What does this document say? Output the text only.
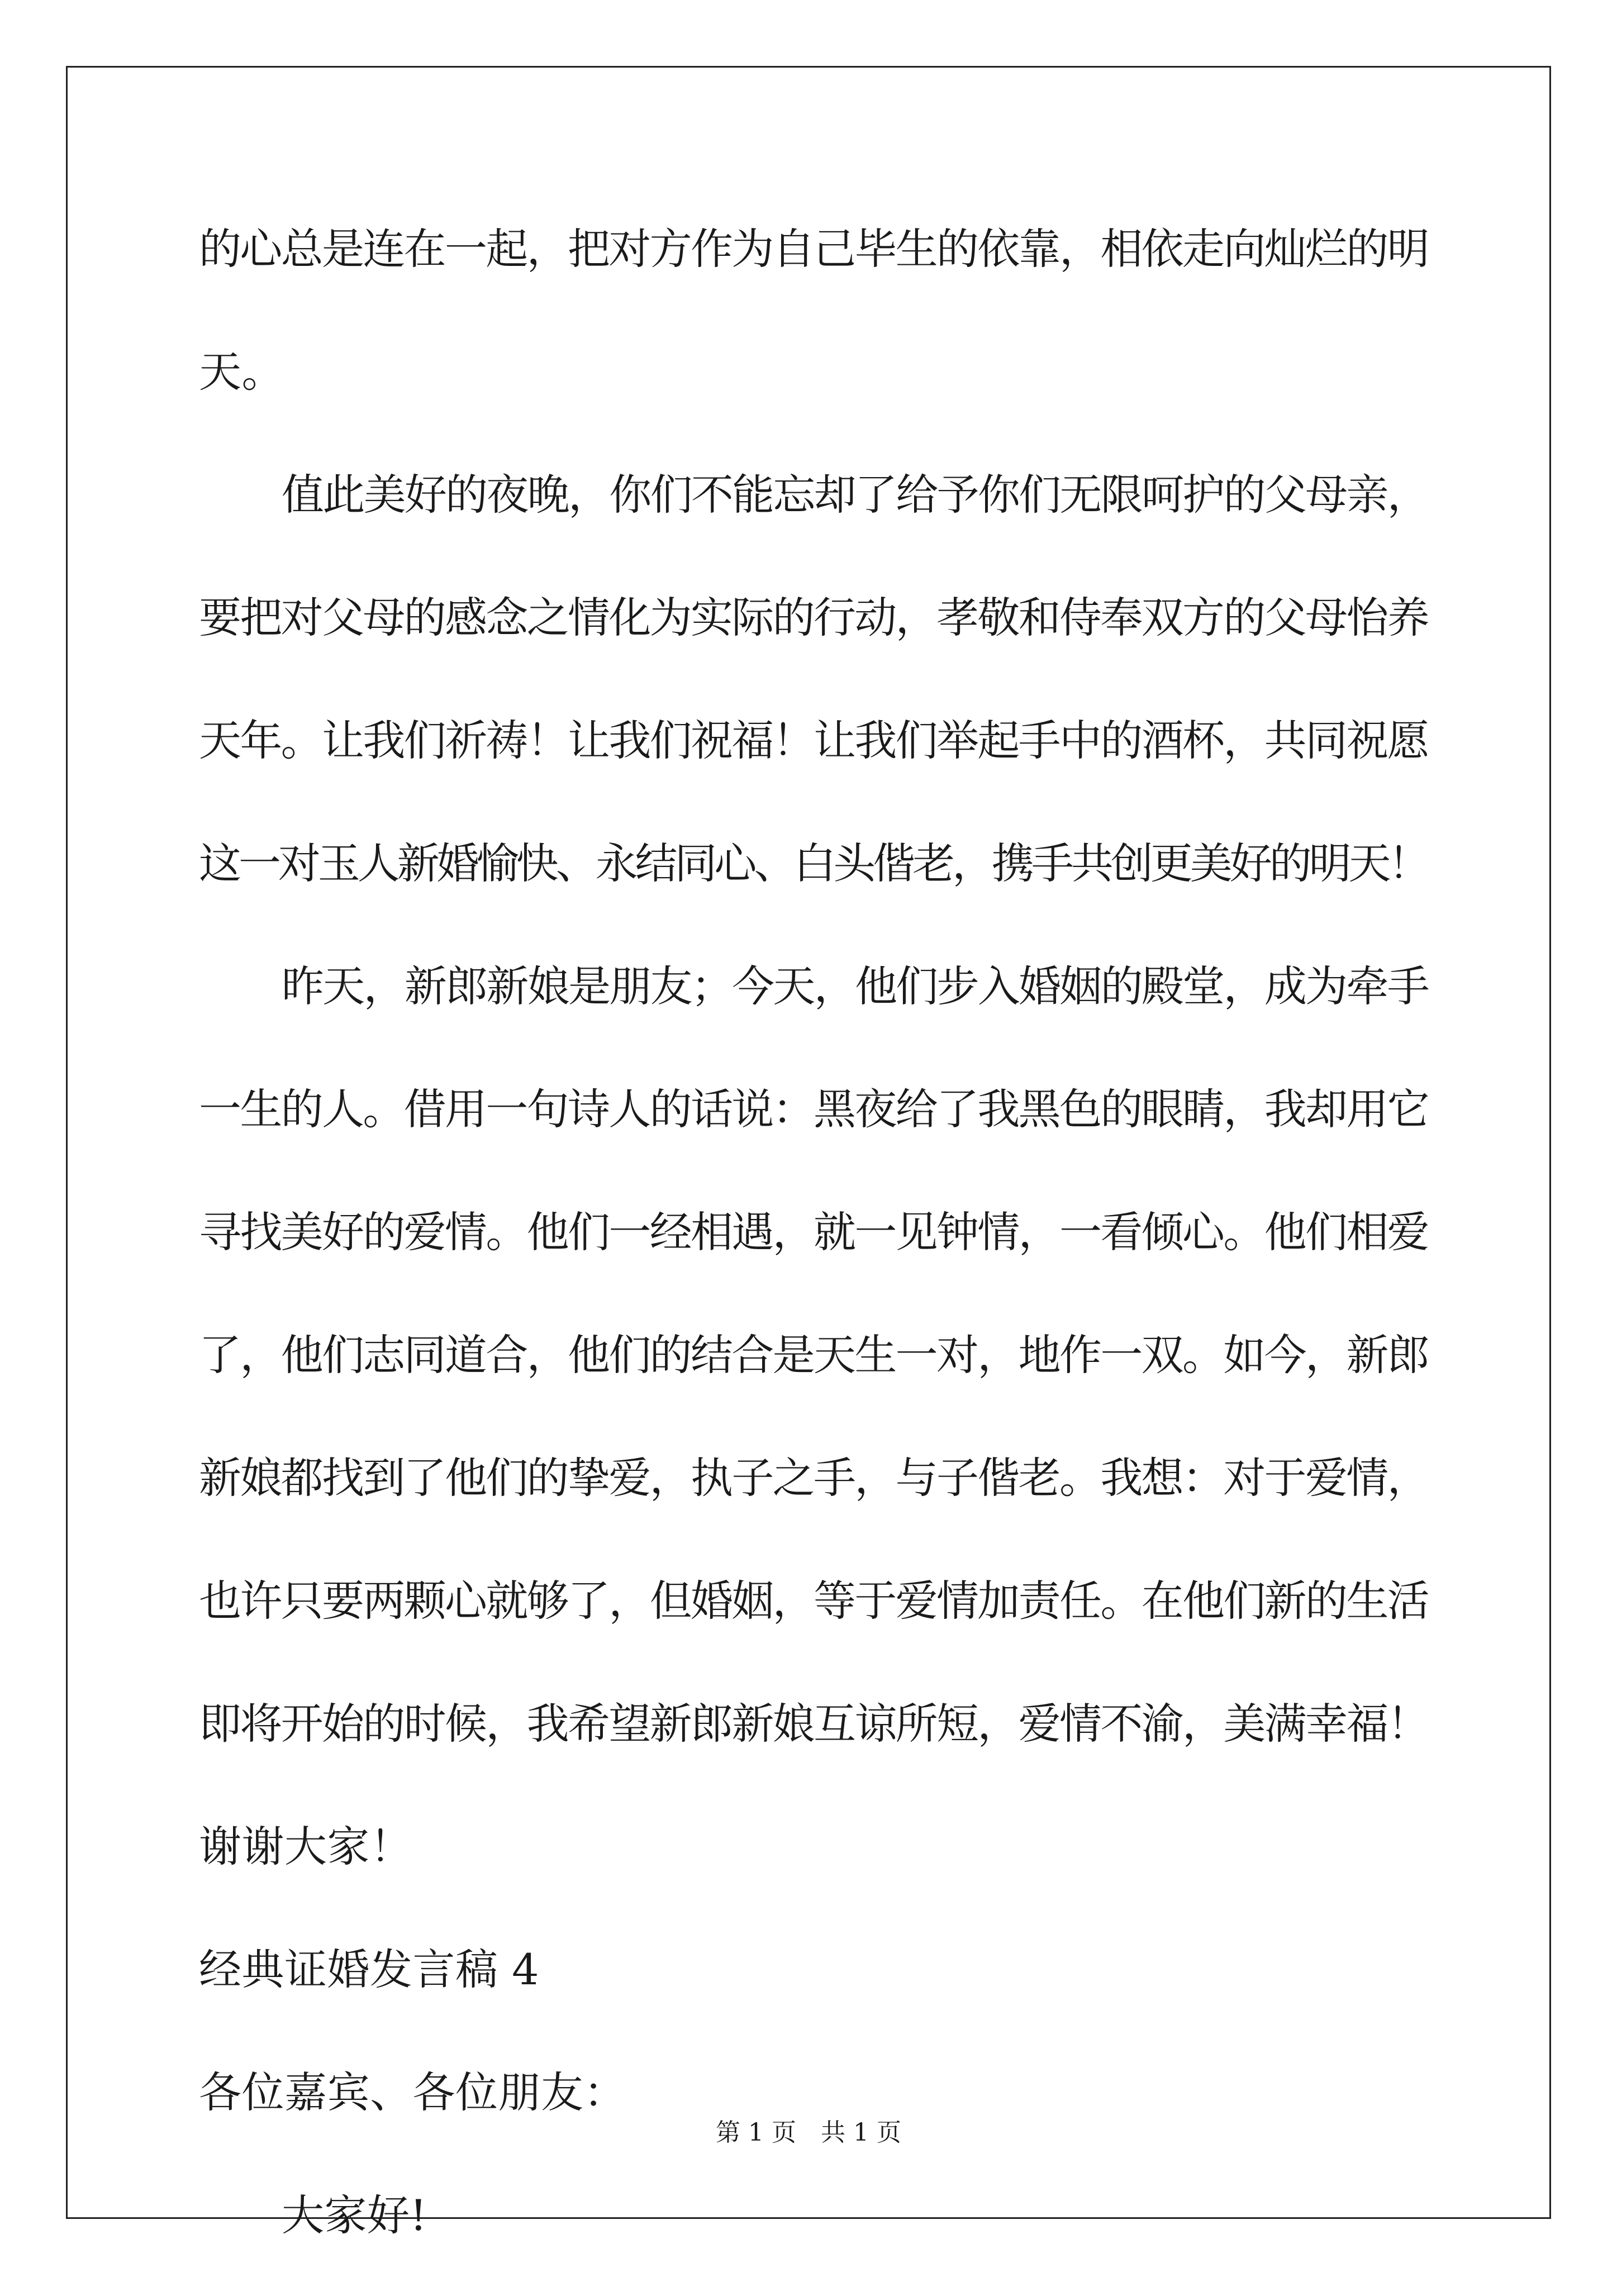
的心总是连在一起，把对方作为自己毕生的依靠，相依走向灿烂的明
天。
值此美好的夜晚，你们不能忘却了给予你们无限呵护的父母亲，
要把对父母的感念之情化为实际的行动，孝敬和侍奉双方的父母怡养
天年。让我们祈祷！让我们祝福！让我们举起手中的酒杯，共同祝愿
这一对玉人新婚愉快、永结同心、白头偕老，携手共创更美好的明天！
昨天，新郎新娘是朋友；今天，他们步入婚姻的殿堂，成为牵手
一生的人。借用一句诗人的话说：黑夜给了我黑色的眼睛，我却用它
寻找美好的爱情。他们一经相遇，就一见钟情，一看倾心。他们相爱
了，他们志同道合，他们的结合是天生一对，地作一双。如今，新郎
新娘都找到了他们的挚爱，执子之手，与子偕老。我想：对于爱情，
也许只要两颗心就够了，但婚姻，等于爱情加责任。在他们新的生活
即将开始的时候，我希望新郎新娘互谅所短，爱情不渝，美满幸福！
谢谢大家！
经典证婚发言稿 4
各位嘉宾、各位朋友：
大家好!
第 1 页　共 1 页
